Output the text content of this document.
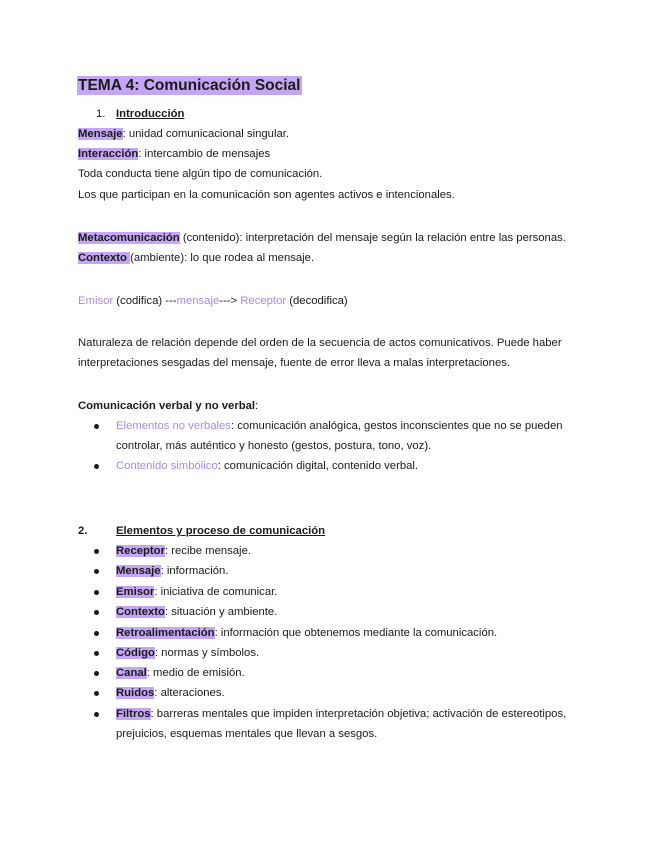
TEMA 4: Comunicación Social
1. Introducción
Mensaje: unidad comunicacional singular.
Interacción: intercambio de mensajes
Toda conducta tiene algún tipo de comunicación.
Los que participan en la comunicación son agentes activos e intencionales.
Metacomunicación (contenido): interpretación del mensaje según la relación entre las personas.
Contexto (ambiente): lo que rodea al mensaje.
Emisor (codifica) ---mensaje---> Receptor (decodifica)
Naturaleza de relación depende del orden de la secuencia de actos comunicativos. Puede haber
interpretaciones sesgadas del mensaje, fuente de error lleva a malas interpretaciones.
Comunicación verbal y no verbal:
Elementos no verbales: comunicación analógica, gestos inconscientes que no se pueden
controlar, más auténtico y honesto (gestos, postura, tono, voz).
Contenido simbólico: comunicación digital, contenido verbal.
2.	Elementos y proceso de comunicación
Receptor: recibe mensaje.
Mensaje: información.
Emisor: iniciativa de comunicar.
Contexto: situación y ambiente.
Retroalimentación: información que obtenemos mediante la comunicación.
Código: normas y símbolos.
Canal: medio de emisión.
Ruidos: alteraciones.
Filtros: barreras mentales que impiden interpretación objetiva; activación de estereotipos,
prejuicios, esquemas mentales que llevan a sesgos.
